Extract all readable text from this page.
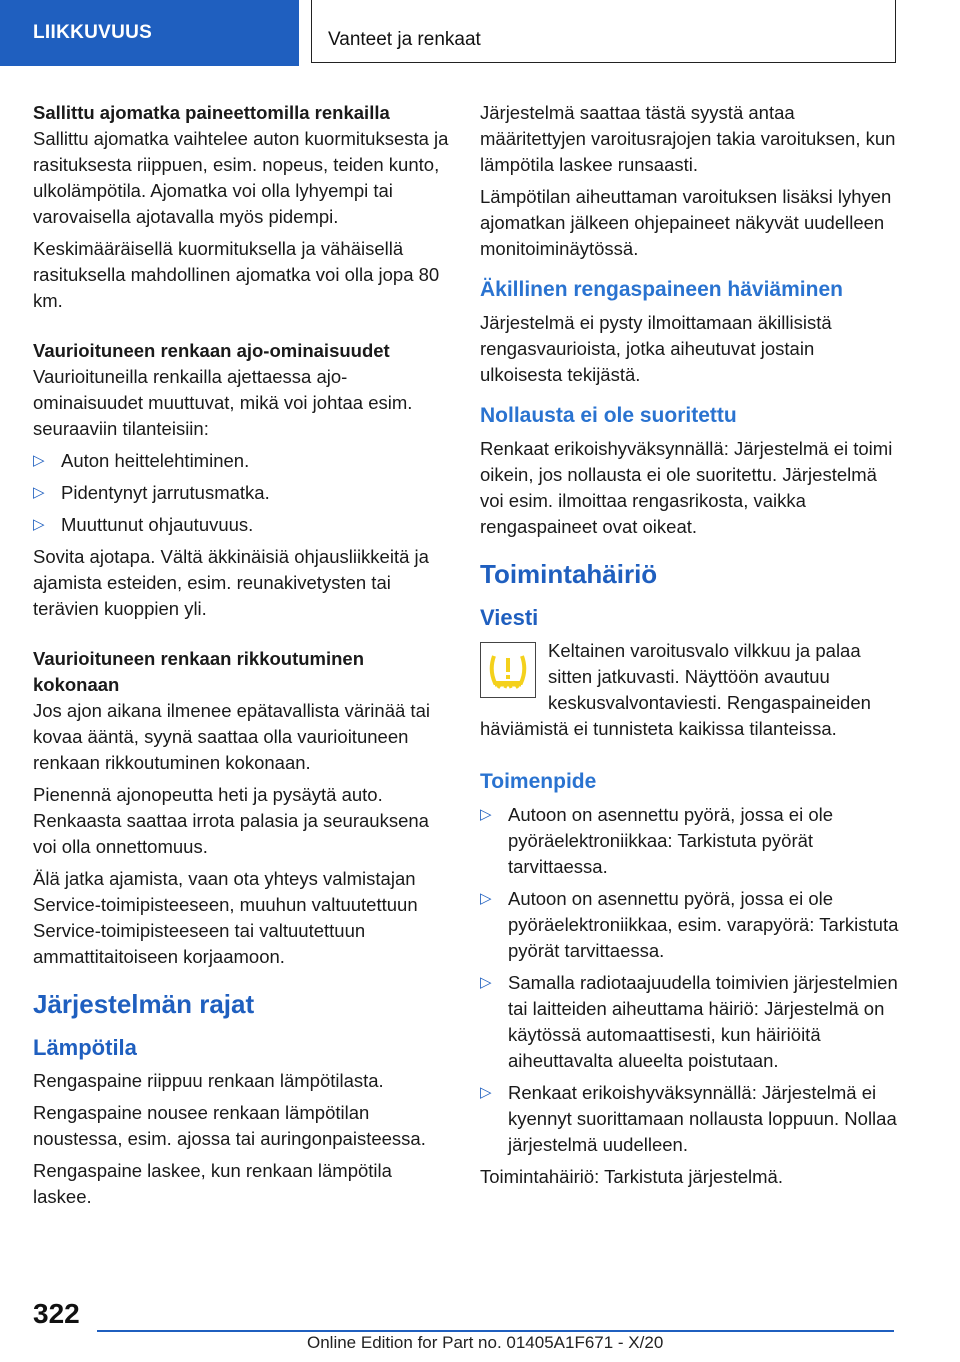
LIIKKUVUUS	Vanteet ja renkaat

Sallittu ajomatka paineettomilla renkailla

Sallittu ajomatka vaihtelee auton kuormituksesta ja rasituksesta riippuen, esim. nopeus, teiden kunto, ulkolämpötila. Ajomatka voi olla lyhyempi tai varovaisella ajotavalla myös pidempi.

Keskimääräisellä kuormituksella ja vähäisellä rasituksella mahdollinen ajomatka voi olla jopa 80 km.

Vaurioituneen renkaan ajo-ominaisuudet

Vaurioituneilla renkailla ajettaessa ajo-ominaisuudet muuttuvat, mikä voi johtaa esim. seuraaviin tilanteisiin:

▷ Auton heittelehtiminen.
▷ Pidentynyt jarrutusmatka.
▷ Muuttunut ohjautuvuus.

Sovita ajotapa. Vältä äkkinäisiä ohjausliikkeitä ja ajamista esteiden, esim. reunakivetysten tai terävien kuoppien yli.

Vaurioituneen renkaan rikkoutuminen kokonaan

Jos ajon aikana ilmenee epätavallista värinää tai kovaa ääntä, syynä saattaa olla vaurioituneen renkaan rikkoutuminen kokonaan.

Pienennä ajonopeutta heti ja pysäytä auto. Renkaasta saattaa irrota palasia ja seurauksena voi olla onnettomuus.

Älä jatka ajamista, vaan ota yhteys valmistajan Service-toimipisteeseen, muuhun valtuutettuun Service-toimipisteeseen tai valtuutettuun ammattitaitoiseen korjaamoon.

Järjestelmän rajat
Lämpötila

Rengaspaine riippuu renkaan lämpötilasta.

Rengaspaine nousee renkaan lämpötilan noustessa, esim. ajossa tai auringonpaisteessa.

Rengaspaine laskee, kun renkaan lämpötila laskee.

Järjestelmä saattaa tästä syystä antaa määritettyjen varoitusrajojen takia varoituksen, kun lämpötila laskee runsaasti.

Lämpötilan aiheuttaman varoituksen lisäksi lyhyen ajomatkan jälkeen ohjepaineet näkyvät uudelleen monitoiminäytössä.

Äkillinen rengaspaineen häviäminen

Järjestelmä ei pysty ilmoittamaan äkillisistä rengasvaurioista, jotka aiheutuvat jostain ulkoisesta tekijästä.

Nollausta ei ole suoritettu

Renkaat erikoishyväksynnällä: Järjestelmä ei toimi oikein, jos nollausta ei ole suoritettu. Järjestelmä voi esim. ilmoittaa rengasrikosta, vaikka rengaspaineet ovat oikeat.

Toimintahäiriö
Viesti

Keltainen varoitusvalo vilkkuu ja palaa sitten jatkuvasti. Näyttöön avautuu keskusvalvontaviesti. Rengaspaineiden häviämistä ei tunnisteta kaikissa tilanteissa.

Toimenpide
▷ Autoon on asennettu pyörä, jossa ei ole pyöräelektroniikkaa: Tarkistuta pyörät tarvittaessa.
▷ Autoon on asennettu pyörä, jossa ei ole pyöräelektroniikkaa, esim. varapyörä: Tarkistuta pyörät tarvittaessa.
▷ Samalla radiotaajuudella toimivien järjestelmien tai laitteiden aiheuttama häiriö: Järjestelmä on käytössä automaattisesti, kun häiriöitä aiheuttavalta alueelta poistutaan.
▷ Renkaat erikoishyväksynnällä: Järjestelmä ei kyennyt suorittamaan nollausta loppuun. Nollaa järjestelmä uudelleen.

Toimintahäiriö: Tarkistuta järjestelmä.

322
Online Edition for Part no. 01405A1F671 - X/20
